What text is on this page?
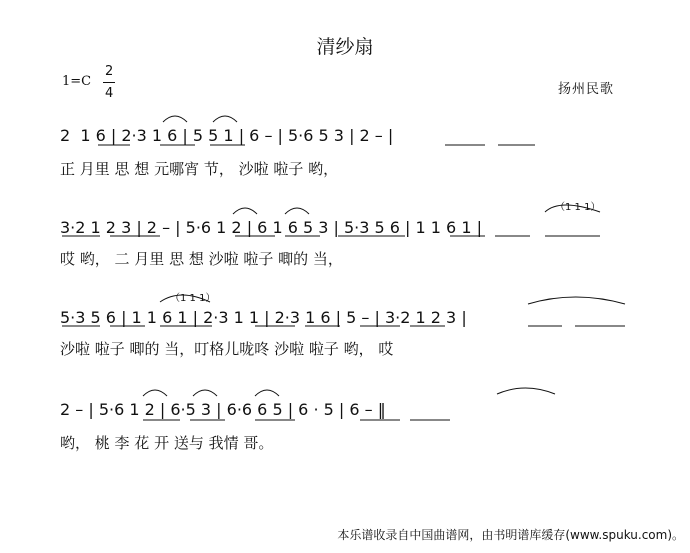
清纱扇
1=C
2
4	扬州民歌
2  1 6 | 2·3 1 6 | 5 5 1 | 6 – | 5·6 5 3 | 2 – |
正 月里 思 想 元哪宵 节， 沙啦 啦子 哟，
（1 1 1）
3·2 1 2 3 | 2 – | 5·6 1 2 | 6 1 6 5 3 | 5·3 5 6 | 1 1 6 1 |
哎 哟， 二 月里 思 想 沙啦 啦子 唧的 当，
（1 1 1）
5·3 5 6 | 1 1 6 1 | 2·3 1 1 | 2·3 1 6 | 5 – | 3·2 1 2 3 |
沙啦 啦子 唧的 当，叮格儿咙咚 沙啦 啦子 哟， 哎
2 – | 5·6 1 2 | 6·5 3 | 6·6 6 5 | 6 · 5 | 6 – ‖
哟， 桃 李 花 开 送与 我情 哥。
本乐谱收录自中国曲谱网，由书明谱库缓存(www.spuku.com)。
